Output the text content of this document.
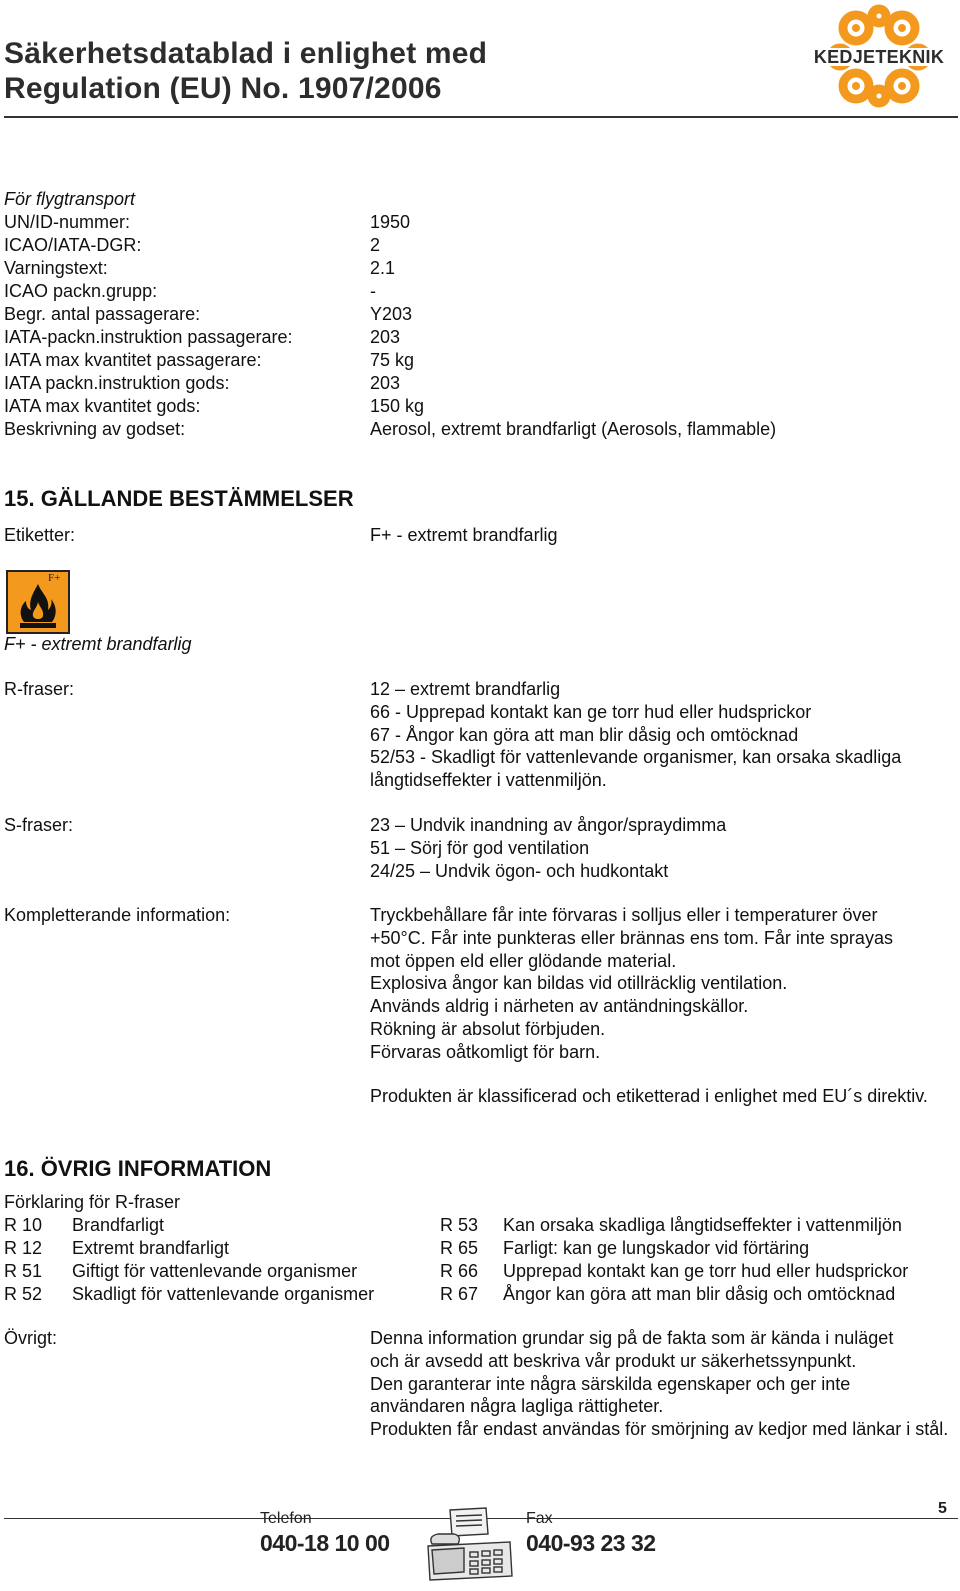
Säkerhetsdatablad i enlighet med
Regulation (EU) No. 1907/2006
KEDJETEKNIK
För flygtransport
UN/ID-nummer:	1950
ICAO/IATA-DGR:	2
Varningstext:	2.1
ICAO packn.grupp:	-
Begr. antal passagerare:	Y203
IATA-packn.instruktion passagerare:	203
IATA max kvantitet passagerare:	75 kg
IATA packn.instruktion gods:	203
IATA max kvantitet gods:	150 kg
Beskrivning av godset:	Aerosol, extremt brandfarligt (Aerosols, flammable)
15. GÄLLANDE BESTÄMMELSER
Etiketter:	F+ - extremt brandfarlig
F+
F+ - extremt brandfarlig
R-fraser:	12 – extremt brandfarlig
66 - Upprepad kontakt kan ge torr hud eller hudsprickor
67 - Ångor kan göra att man blir dåsig och omtöcknad
52/53 - Skadligt för vattenlevande organismer, kan orsaka skadliga
långtidseffekter i vattenmiljön.
S-fraser:	23 – Undvik inandning av ångor/spraydimma
51 – Sörj för god ventilation
24/25 – Undvik ögon- och hudkontakt
Kompletterande information:	Tryckbehållare får inte förvaras i solljus eller i temperaturer över
+50°C. Får inte punkteras eller brännas ens tom. Får inte sprayas
mot öppen eld eller glödande material.
Explosiva ångor kan bildas vid otillräcklig ventilation.
Används aldrig i närheten av antändningskällor.
Rökning är absolut förbjuden.
Förvaras oåtkomligt för barn.
Produkten är klassificerad och etiketterad i enlighet med EU´s direktiv.
16. ÖVRIG INFORMATION
Förklaring för R-fraser
R 10 Brandfarligt
R 12 Extremt brandfarligt
R 51 Giftigt för vattenlevande organismer
R 52 Skadligt för vattenlevande organismer
R 53 Kan orsaka skadliga långtidseffekter i vattenmiljön
R 65 Farligt: kan ge lungskador vid förtäring
R 66 Upprepad kontakt kan ge torr hud eller hudsprickor
R 67 Ångor kan göra att man blir dåsig och omtöcknad
Övrigt:	Denna information grundar sig på de fakta som är kända i nuläget
och är avsedd att beskriva vår produkt ur säkerhetssynpunkt.
Den garanterar inte några särskilda egenskaper och ger inte
användaren några lagliga rättigheter.
Produkten får endast användas för smörjning av kedjor med länkar i stål.
Telefon
040-18 10 00
Fax
040-93 23 32
5
